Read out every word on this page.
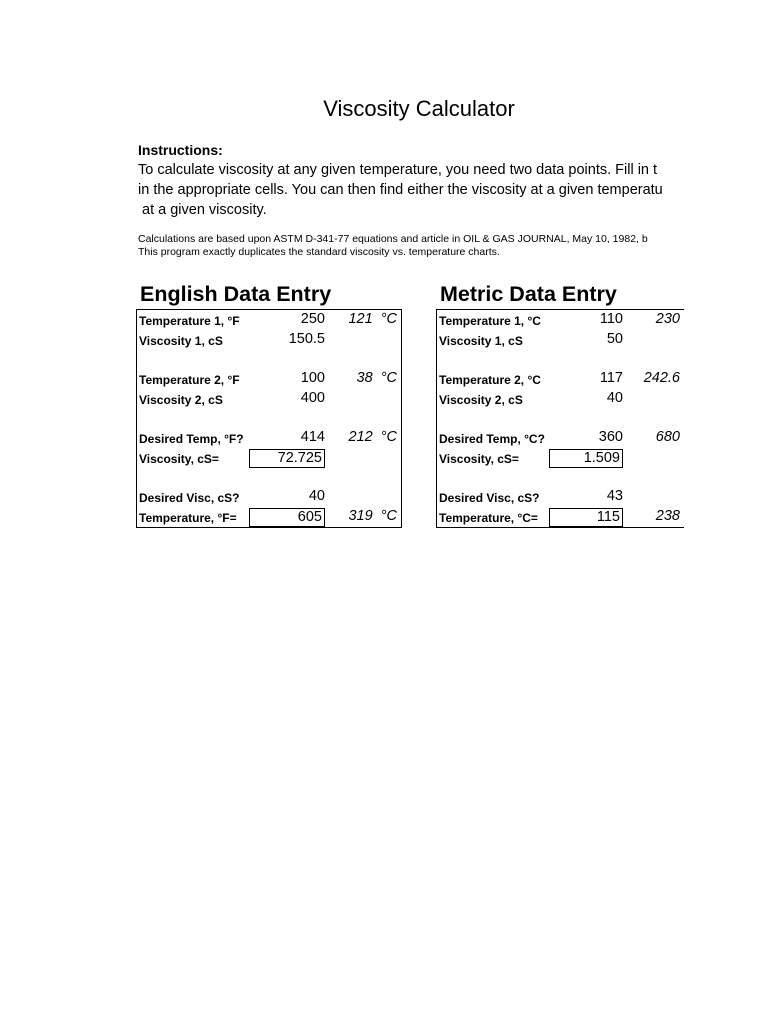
Viscosity Calculator
Instructions:
To calculate viscosity at any given temperature, you need two data points. Fill in t
in the appropriate cells. You can then find either the viscosity at a given temperatu
at a given viscosity.
Calculations are based upon ASTM D-341-77 equations and article in OIL & GAS JOURNAL, May 10, 1982, b
This program exactly duplicates the standard viscosity vs. temperature charts.
English Data Entry
Temperature 1, °F	250	121  °C
Viscosity 1, cS	150.5
Temperature 2, °F	100	38  °C
Viscosity 2, cS	400
Desired Temp, °F?	414	212  °C
Viscosity, cS=	72.725
Desired Visc, cS?	40
Temperature, °F=	605	319  °C
Metric Data Entry
Temperature 1, °C	110	230
Viscosity 1, cS	50
Temperature 2, °C	117	242.6
Viscosity 2, cS	40
Desired Temp, °C?	360	680
Viscosity, cS=	1.509
Desired Visc, cS?	43
Temperature, °C=	115	238
